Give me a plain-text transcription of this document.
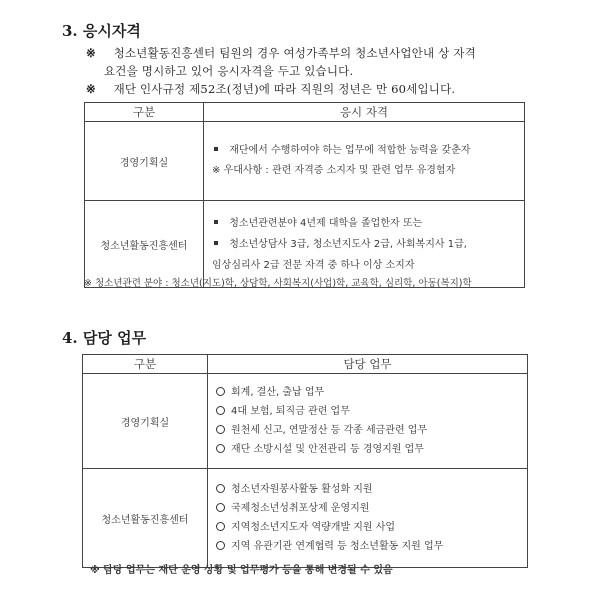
3. 응시자격
※ 청소년활동진흥센터 팀원의 경우 여성가족부의 청소년사업안내 상 자격
요건을 명시하고 있어 응시자격을 두고 있습니다.
※ 재단 인사규정 제52조(정년)에 따라 직원의 정년은 만 60세입니다.
구분	응시 자격
경영기획실	재단에서 수행하여야 하는 업무에 적합한 능력을 갖춘자
※ 우대사항 : 관련 자격증 소지자 및 관련 업무 유경험자

청소년활동진흥센터	청소년관련분야 4년제 대학을 졸업한자 또는
청소년상담사 3급, 청소년지도사 2급, 사회복지사 1급,
임상심리사 2급 전문 자격 중 하나 이상 소지자
※ 청소년관련 분야 : 청소년(지도)학, 상담학, 사회복지(사업)학, 교육학, 심리학, 아동(복지)학
4. 담당 업무
구분	담당 업무
경영기획실	회계, 결산, 출납 업무
4대 보험, 퇴직금 관련 업무
원천세 신고, 연말정산 등 각종 세금관련 업무
재단 소방시설 및 안전관리 등 경영지원 업무

청소년활동진흥센터	청소년자원봉사활동 활성화 지원
국제청소년성취포상제 운영지원
지역청소년지도자 역량개발 지원 사업
지역 유관기관 연계협력 등 청소년활동 지원 업무
※ 담당 업무는 재단 운영 상황 및 업무평가 등을 통해 변경될 수 있음
